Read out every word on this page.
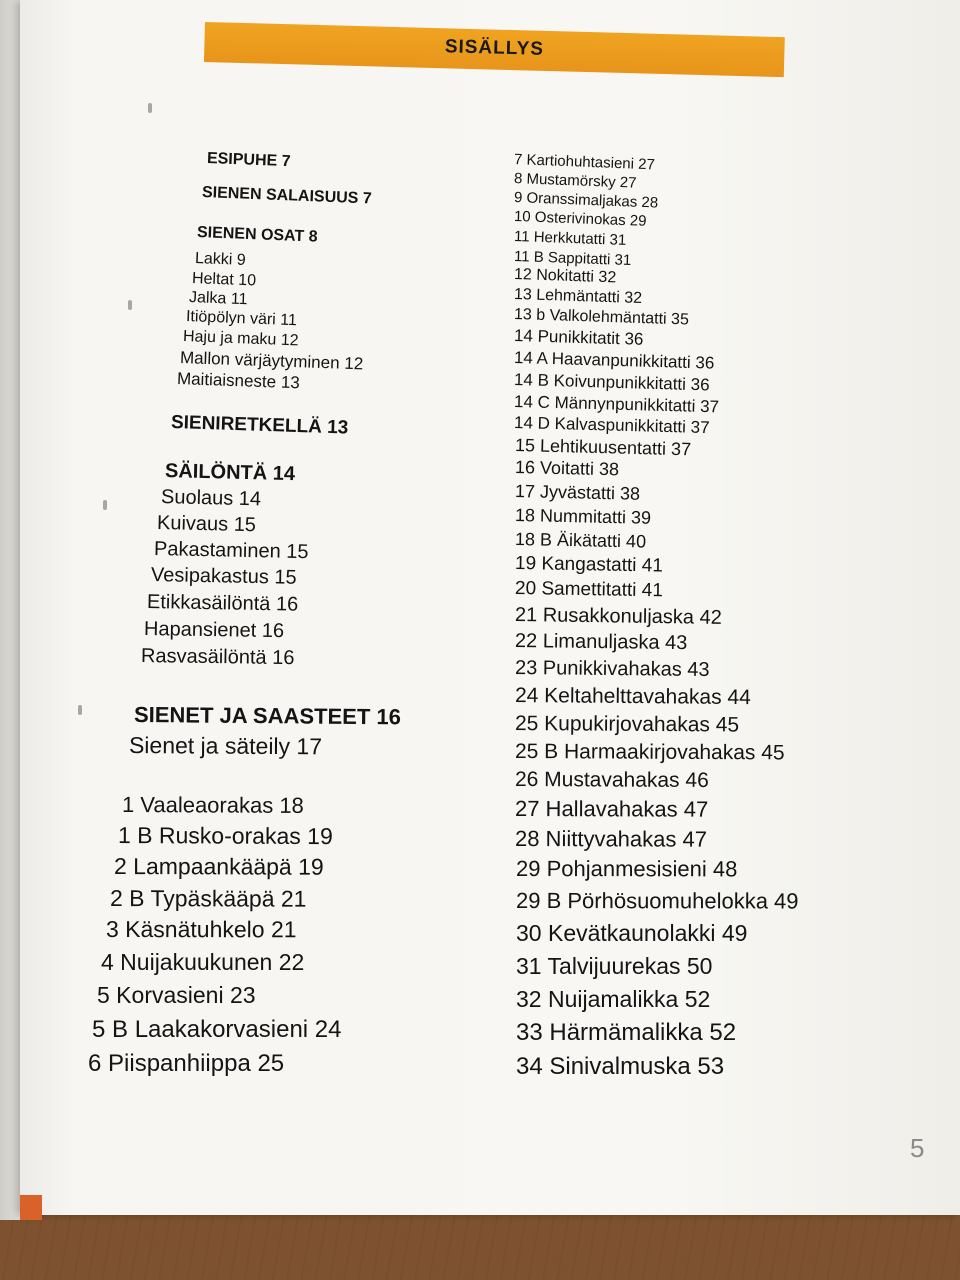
SISÄLLYS
ESIPUHE 7
SIENEN SALAISUUS 7
SIENEN OSAT 8
Lakki 9
Heltat 10
Jalka 11
Itiöpölyn väri 11
Haju ja maku 12
Mallon värjäytyminen 12
Maitiaisneste 13
SIENIRETKELLÄ 13
SÄILÖNTÄ 14
Suolaus 14
Kuivaus 15
Pakastaminen 15
Vesipakastus 15
Etikkasäilöntä 16
Hapansienet 16
Rasvasäilöntä 16
SIENET JA SAASTEET 16
Sienet ja säteily 17
1 Vaaleaorakas 18
1 B Rusko-orakas 19
2 Lampaankääpä 19
2 B Typäskääpä 21
3 Käsnätuhkelo 21
4 Nuijakuukunen 22
5 Korvasieni 23
5 B Laakakorvasieni 24
6 Piispanhiippa 25
7 Kartiohuhtasieni 27
8 Mustamörsky 27
9 Oranssimaljakas 28
10 Osterivinokas 29
11 Herkkutatti 31
11 B Sappitatti 31
12 Nokitatti 32
13 Lehmäntatti 32
13 b Valkolehmäntatti 35
14 Punikkitatit 36
14 A Haavanpunikkitatti 36
14 B Koivunpunikkitatti 36
14 C Männynpunikkitatti 37
14 D Kalvaspunikkitatti 37
15 Lehtikuusentatti 37
16 Voitatti 38
17 Jyvästatti 38
18 Nummitatti 39
18 B Äikätatti 40
19 Kangastatti 41
20 Samettitatti 41
21 Rusakkonuljaska 42
22 Limanuljaska 43
23 Punikkivahakas 43
24 Keltahelttavahakas 44
25 Kupukirjovahakas 45
25 B Harmaakirjovahakas 45
26 Mustavahakas 46
27 Hallavahakas 47
28 Niittyvahakas 47
29 Pohjanmesisieni 48
29 B Pörhösuomuhelokka 49
30 Kevätkaunolakki 49
31 Talvijuurekas 50
32 Nuijamalikka 52
33 Härmämalikka 52
34 Sinivalmuska 53
5
